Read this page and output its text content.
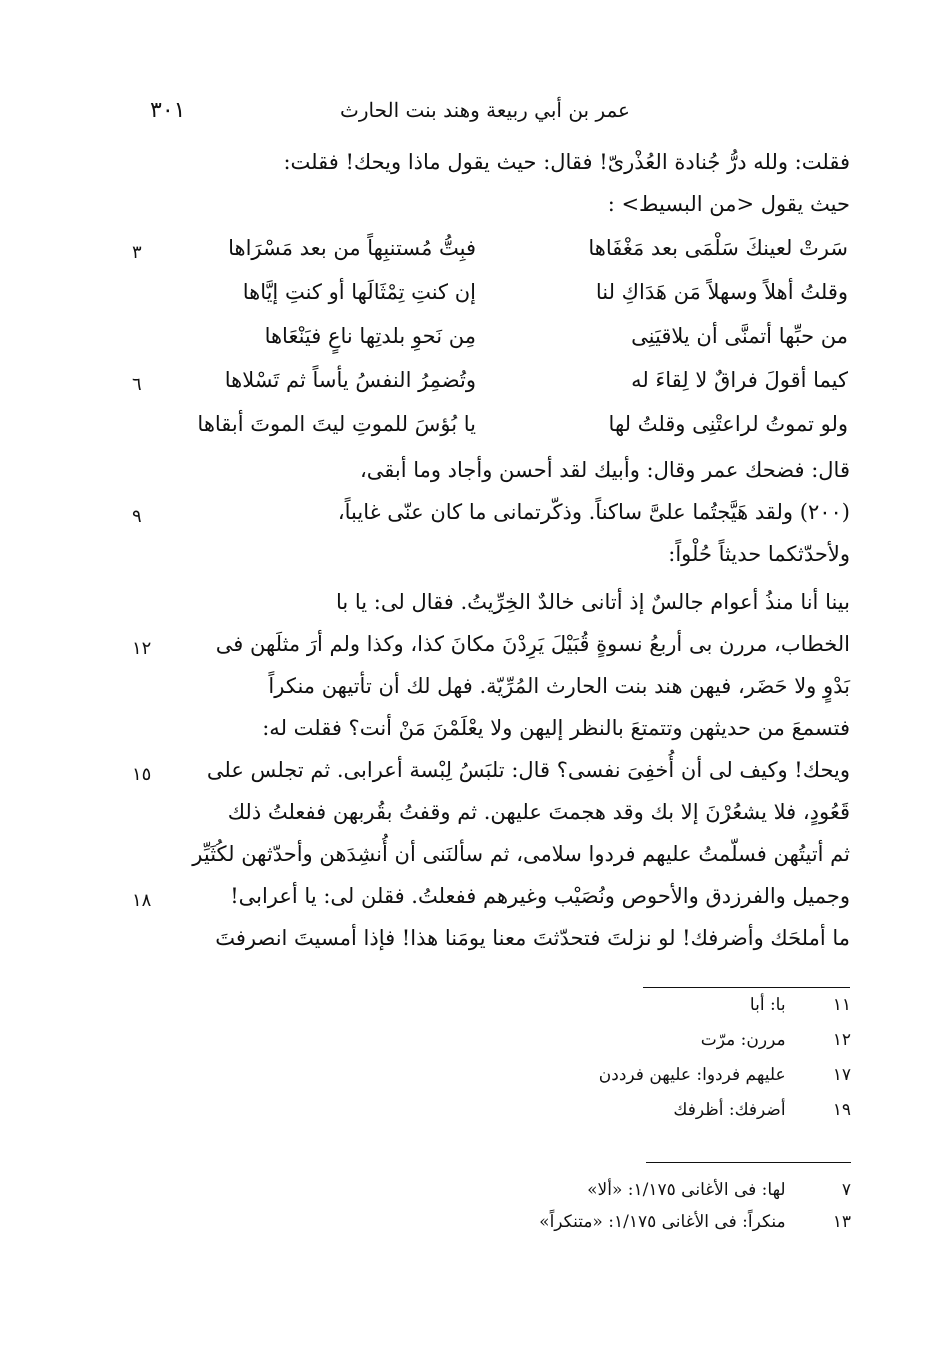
عمر بن أبي ربيعة وهند بنت الحارث
٣٠١
فقلت: ولله درُّ جُنادة العُذْرىّ! فقال: حيث يقول ماذا ويحك! فقلت:
حيث يقول <من البسيط> :
سَرتْ لعينكَ سَلْمَى بعد مَغْفَاها
فبِتُّ مُستنبِهاً من بعد مَسْرَاها
وقلتُ أهلاً وسهلاً مَن هَدَاكِ لنا
إن كنتِ تِمْثَالَها أو كنتِ إيَّاها
من حبِّها أتمنَّى أن يلاقيَنِى
مِن نَحوِ بلدتِها ناعٍ فيَنْعَاها
كيما أقولَ فراقٌ لا لِقاءَ له
وتُضمِرُ النفسُ يأساً ثم تَسْلاها
ولو تموتُ لراعتْنِى وقلتُ لها
يا بُؤسَ للموتِ ليتَ الموتَ أبقاها
٣
٦
قال: فضحك عمر وقال: وأبيك لقد أحسن وأجاد وما أبقى،
(٢٠٠) ولقد هَيَّجتُما علىَّ ساكناً. وذكّرتمانى ما كان عنّى غايباً،
ولأحدّثكما حديثاً حُلْواً:
٩
بينا أنا منذُ أعوام جالسٌ إذ أتانى خالدٌ الخِرِّيتُ. فقال لى: يا با
الخطاب، مررن بى أربعُ نسوةٍ قُبَيْلَ يَرِدْنَ مكانَ كذا، وكذا ولم أرَ مثلَهن فى
بَدْوٍ ولا حَضَر، فيهن هند بنت الحارث المُرِّيّة. فهل لك أن تأتيهن منكراً
فتسمعَ من حديثهن وتتمتعَ بالنظر إليهن ولا يعْلَمْنَ مَنْ أنت؟ فقلت له:
ويحك! وكيف لى أن أُخفِىَ نفسى؟ قال: تلبَسُ لِبْسة أعرابى. ثم تجلس على
قَعُودٍ، فلا يشعُرْنَ إلا بك وقد هجمتَ عليهن. ثم وقفتُ بقُربهن ففعلتُ ذلك
ثم أتيتُهن فسلّمتُ عليهم فردوا سلامى، ثم سألنَنى أن أُنشِدَهن وأحدّثهن لكُثَيِّر
وجميل والفرزدق والأحوص ونُصَيْب وغيرهم ففعلتُ. فقلن لى: يا أعرابى!
ما أملحَك وأضرفك! لو نزلتَ فتحدّثتَ معنا يومَنا هذا! فإذا أمسيتَ انصرفتَ
١٢
١٥
١٨
١١ با: أبا
١٢ مررن: مرّت
١٧ عليهم فردوا: عليهن فرددن
١٩ أضرفك: أظرفك
٧ لها: فى الأغانى ١/١٧٥: «ألا»
١٣ منكراً: فى الأغانى ١/١٧٥: «متنكراً»
